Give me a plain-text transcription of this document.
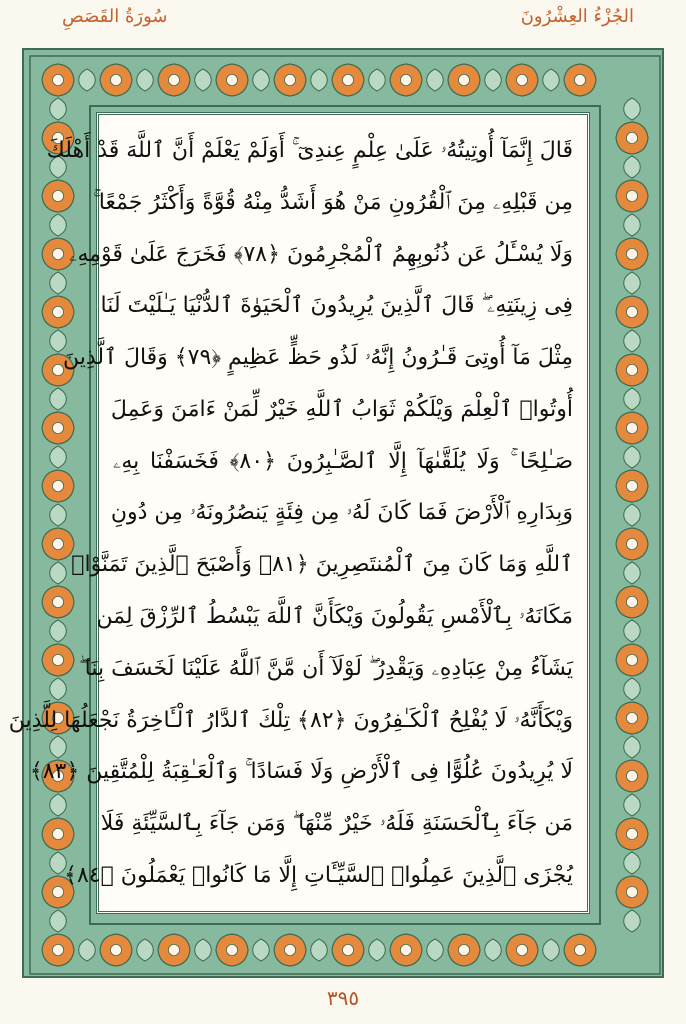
سُورَةُ القَصَصِ	الجُزْءُ العِشْرُونَ
قَالَ إِنَّمَآ أُوتِيتُهُۥ عَلَىٰ عِلْمٍ عِندِىٓ ۚ أَوَلَمْ يَعْلَمْ أَنَّ ٱللَّهَ قَدْ أَهْلَكَ
مِن قَبْلِهِۦ مِنَ ٱلْقُرُونِ مَنْ هُوَ أَشَدُّ مِنْهُ قُوَّةً وَأَكْثَرُ جَمْعًا ۚ
وَلَا يُسْـَٔلُ عَن ذُنُوبِهِمُ ٱلْمُجْرِمُونَ ﴿٧٨﴾ فَخَرَجَ عَلَىٰ قَوْمِهِۦ
فِى زِينَتِهِۦ ۖ قَالَ ٱلَّذِينَ يُرِيدُونَ ٱلْحَيَوٰةَ ٱلدُّنْيَا يَـٰلَيْتَ لَنَا
مِثْلَ مَآ أُوتِىَ قَـٰرُونُ إِنَّهُۥ لَذُو حَظٍّ عَظِيمٍ ﴿٧٩﴾ وَقَالَ ٱلَّذِينَ
أُوتُوا۟ ٱلْعِلْمَ وَيْلَكُمْ ثَوَابُ ٱللَّهِ خَيْرٌ لِّمَنْ ءَامَنَ وَعَمِلَ
صَـٰلِحًا ۚ وَلَا يُلَقَّىٰهَآ إِلَّا ٱلصَّـٰبِرُونَ ﴿٨٠﴾ فَخَسَفْنَا بِهِۦ
وَبِدَارِهِ ٱلْأَرْضَ فَمَا كَانَ لَهُۥ مِن فِئَةٍ يَنصُرُونَهُۥ مِن دُونِ
ٱللَّهِ وَمَا كَانَ مِنَ ٱلْمُنتَصِرِينَ ﴿٨١﴾ وَأَصْبَحَ ٱلَّذِينَ تَمَنَّوْا۟
مَكَانَهُۥ بِٱلْأَمْسِ يَقُولُونَ وَيْكَأَنَّ ٱللَّهَ يَبْسُطُ ٱلرِّزْقَ لِمَن
يَشَآءُ مِنْ عِبَادِهِۦ وَيَقْدِرُ ۖ لَوْلَآ أَن مَّنَّ ٱللَّهُ عَلَيْنَا لَخَسَفَ بِنَا ۖ
وَيْكَأَنَّهُۥ لَا يُفْلِحُ ٱلْكَـٰفِرُونَ ﴿٨٢﴾ تِلْكَ ٱلدَّارُ ٱلْـَٔاخِرَةُ نَجْعَلُهَا لِلَّذِينَ
لَا يُرِيدُونَ عُلُوًّا فِى ٱلْأَرْضِ وَلَا فَسَادًا ۚ وَٱلْعَـٰقِبَةُ لِلْمُتَّقِينَ ﴿٨٣﴾
مَن جَآءَ بِٱلْحَسَنَةِ فَلَهُۥ خَيْرٌ مِّنْهَا ۖ وَمَن جَآءَ بِٱلسَّيِّئَةِ فَلَا
يُجْزَى ٱلَّذِينَ عَمِلُوا۟ ٱلسَّيِّـَٔاتِ إِلَّا مَا كَانُوا۟ يَعْمَلُونَ ﴿٨٤﴾
٣٩٥
